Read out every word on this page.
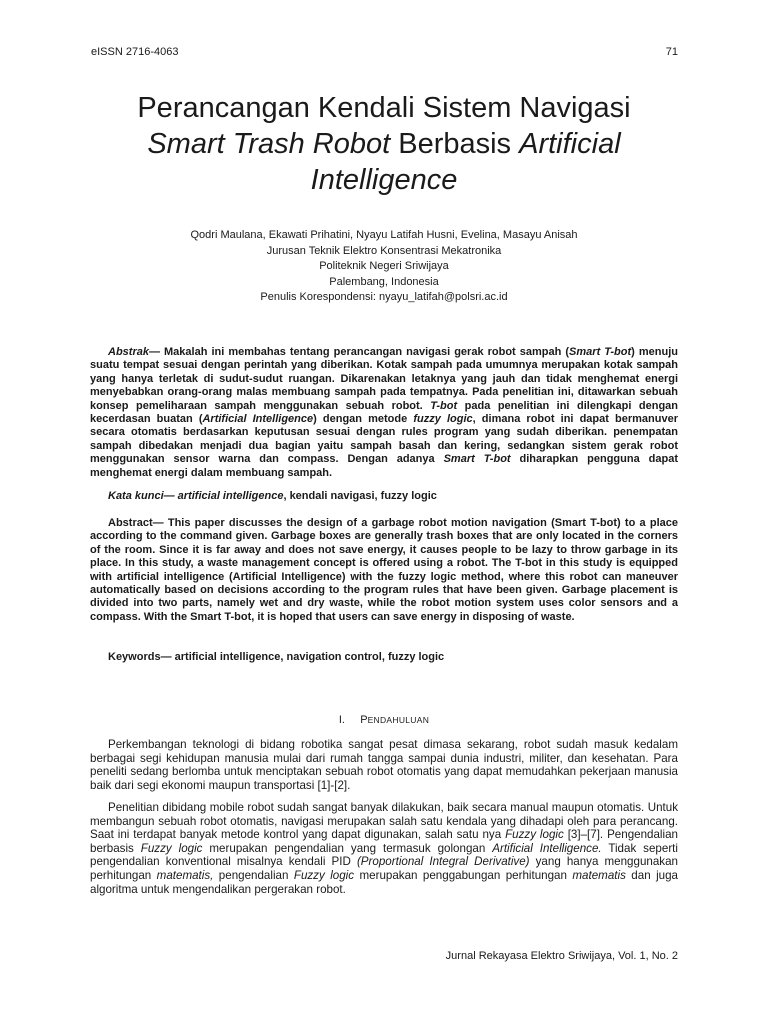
eISSN 2716-4063	71
Perancangan Kendali Sistem Navigasi
Smart Trash Robot Berbasis Artificial
Intelligence
Qodri Maulana, Ekawati Prihatini, Nyayu Latifah Husni, Evelina, Masayu Anisah
Jurusan Teknik Elektro Konsentrasi Mekatronika
Politeknik Negeri Sriwijaya
Palembang, Indonesia
Penulis Korespondensi: nyayu_latifah@polsri.ac.id

Abstrak— Makalah ini membahas tentang perancangan navigasi gerak robot sampah (Smart T-bot) menuju suatu tempat sesuai dengan perintah yang diberikan. Kotak sampah pada umumnya merupakan kotak sampah yang hanya terletak di sudut-sudut ruangan. Dikarenakan letaknya yang jauh dan tidak menghemat energi menyebabkan orang-orang malas membuang sampah pada tempatnya. Pada penelitian ini, ditawarkan sebuah konsep pemeliharaan sampah menggunakan sebuah robot. T-bot pada penelitian ini dilengkapi dengan kecerdasan buatan (Artificial Intelligence) dengan metode fuzzy logic, dimana robot ini dapat bermanuver secara otomatis berdasarkan keputusan sesuai dengan rules program yang sudah diberikan. penempatan sampah dibedakan menjadi dua bagian yaitu sampah basah dan kering, sedangkan sistem gerak robot menggunakan sensor warna dan compass. Dengan adanya Smart T-bot diharapkan pengguna dapat menghemat energi dalam membuang sampah.

Kata kunci— artificial intelligence, kendali navigasi, fuzzy logic

Abstract— This paper discusses the design of a garbage robot motion navigation (Smart T-bot) to a place according to the command given. Garbage boxes are generally trash boxes that are only located in the corners of the room. Since it is far away and does not save energy, it causes people to be lazy to throw garbage in its place. In this study, a waste management concept is offered using a robot. The T-bot in this study is equipped with artificial intelligence (Artificial Intelligence) with the fuzzy logic method, where this robot can maneuver automatically based on decisions according to the program rules that have been given. Garbage placement is divided into two parts, namely wet and dry waste, while the robot motion system uses color sensors and a compass. With the Smart T-bot, it is hoped that users can save energy in disposing of waste.

Keywords— artificial intelligence, navigation control, fuzzy logic

I. PENDAHULUAN

Perkembangan teknologi di bidang robotika sangat pesat dimasa sekarang, robot sudah masuk kedalam berbagai segi kehidupan manusia mulai dari rumah tangga sampai dunia industri, militer, dan kesehatan. Para peneliti sedang berlomba untuk menciptakan sebuah robot otomatis yang dapat memudahkan pekerjaan manusia baik dari segi ekonomi maupun transportasi [1]-[2].

Penelitian dibidang mobile robot sudah sangat banyak dilakukan, baik secara manual maupun otomatis. Untuk membangun sebuah robot otomatis, navigasi merupakan salah satu kendala yang dihadapi oleh para perancang. Saat ini terdapat banyak metode kontrol yang dapat digunakan, salah satu nya Fuzzy logic [3]–[7]. Pengendalian berbasis Fuzzy logic merupakan pengendalian yang termasuk golongan Artificial Intelligence. Tidak seperti pengendalian konventional misalnya kendali PID (Proportional Integral Derivative) yang hanya menggunakan perhitungan matematis, pengendalian Fuzzy logic merupakan penggabungan perhitungan matematis dan juga algoritma untuk mengendalikan pergerakan robot.

Jurnal Rekayasa Elektro Sriwijaya, Vol. 1, No. 2
